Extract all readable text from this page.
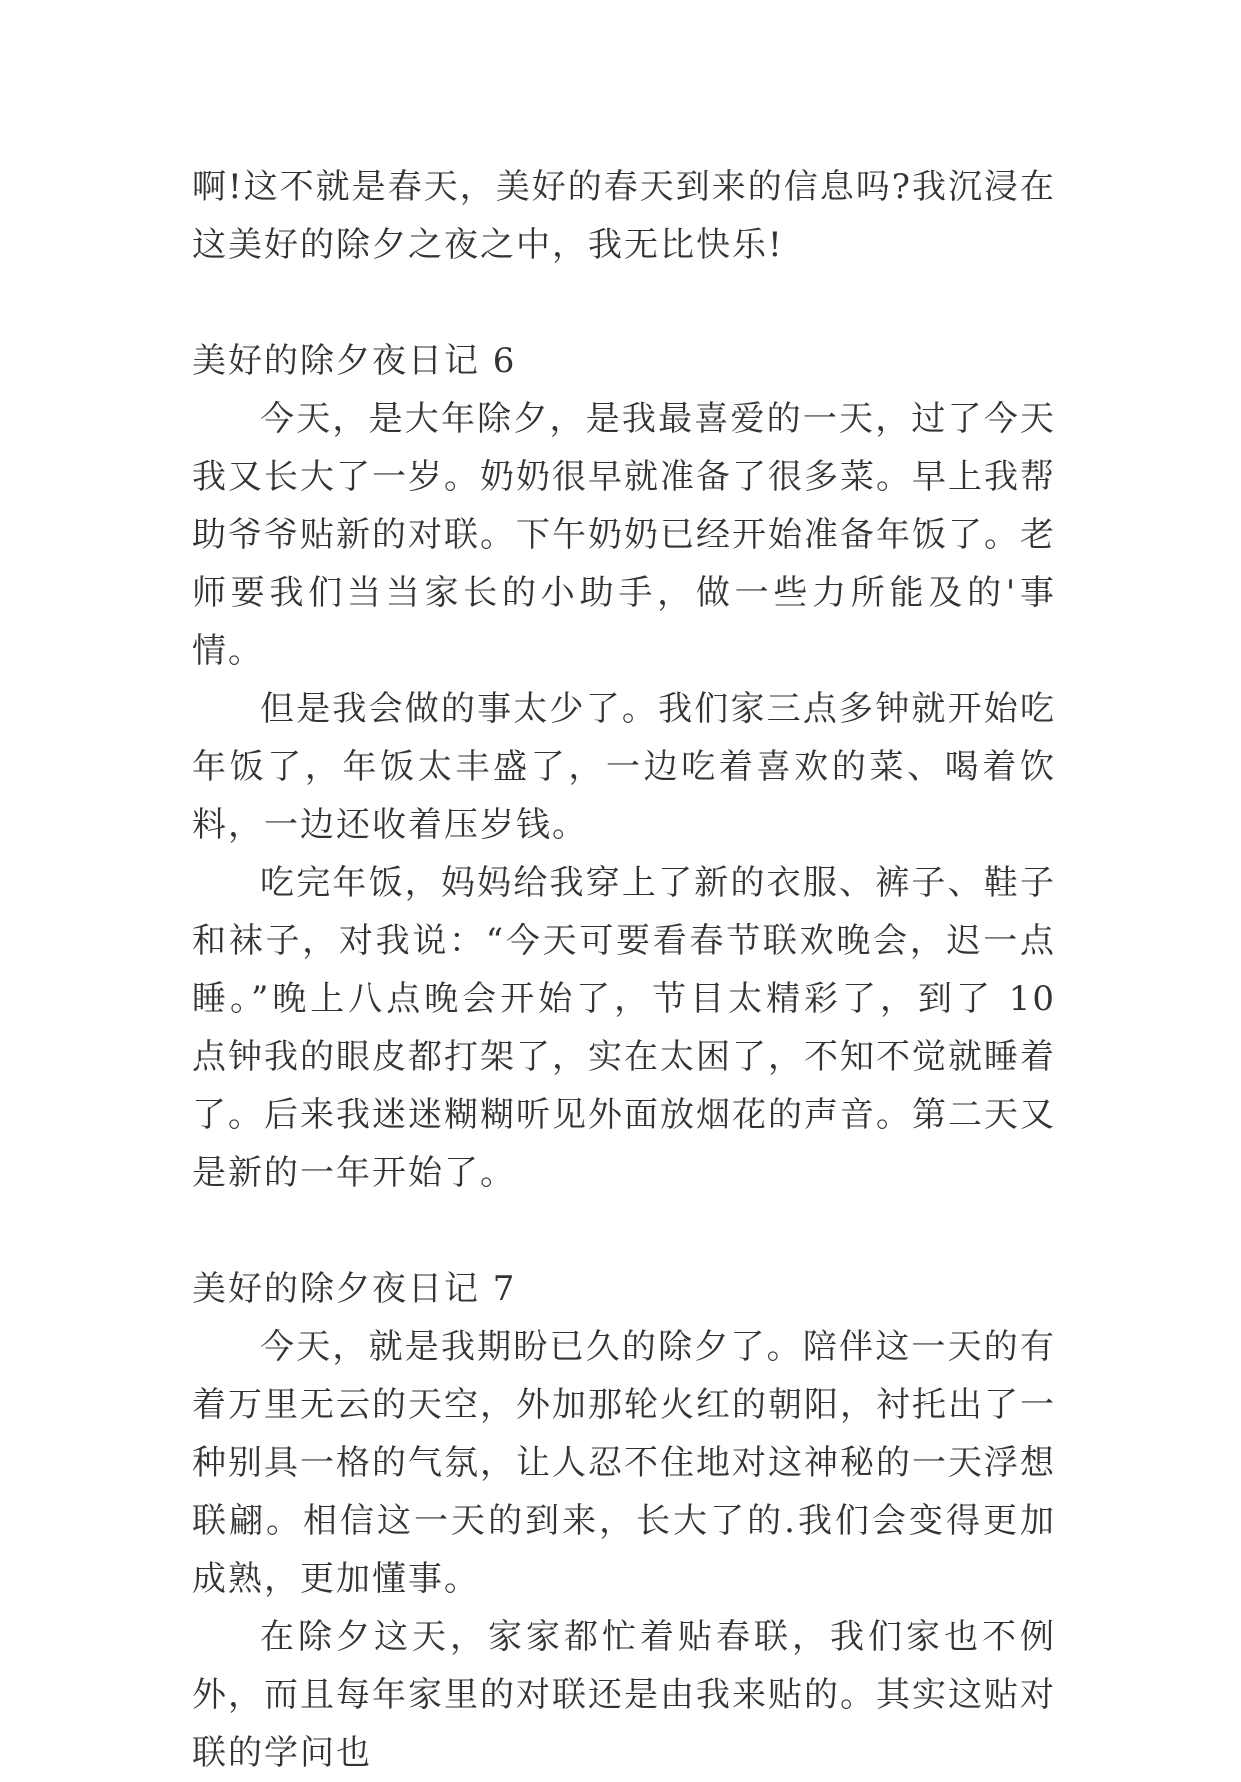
啊!这不就是春天，美好的春天到来的信息吗?我沉浸在这美好的除夕之夜之中，我无比快乐!

美好的除夕夜日记 6

今天，是大年除夕，是我最喜爱的一天，过了今天我又长大了一岁。奶奶很早就准备了很多菜。早上我帮助爷爷贴新的对联。下午奶奶已经开始准备年饭了。老师要我们当当家长的小助手，做一些力所能及的'事情。

但是我会做的事太少了。我们家三点多钟就开始吃年饭了，年饭太丰盛了，一边吃着喜欢的菜、喝着饮料，一边还收着压岁钱。

吃完年饭，妈妈给我穿上了新的衣服、裤子、鞋子和袜子，对我说：“今天可要看春节联欢晚会，迟一点睡。”晚上八点晚会开始了，节目太精彩了，到了 10 点钟我的眼皮都打架了，实在太困了，不知不觉就睡着了。后来我迷迷糊糊听见外面放烟花的声音。第二天又是新的一年开始了。

美好的除夕夜日记 7

今天，就是我期盼已久的除夕了。陪伴这一天的有着万里无云的天空，外加那轮火红的朝阳，衬托出了一种别具一格的气氛，让人忍不住地对这神秘的一天浮想联翩。相信这一天的到来，长大了的.我们会变得更加成熟，更加懂事。

在除夕这天，家家都忙着贴春联，我们家也不例外，而且每年家里的对联还是由我来贴的。其实这贴对联的学问也
